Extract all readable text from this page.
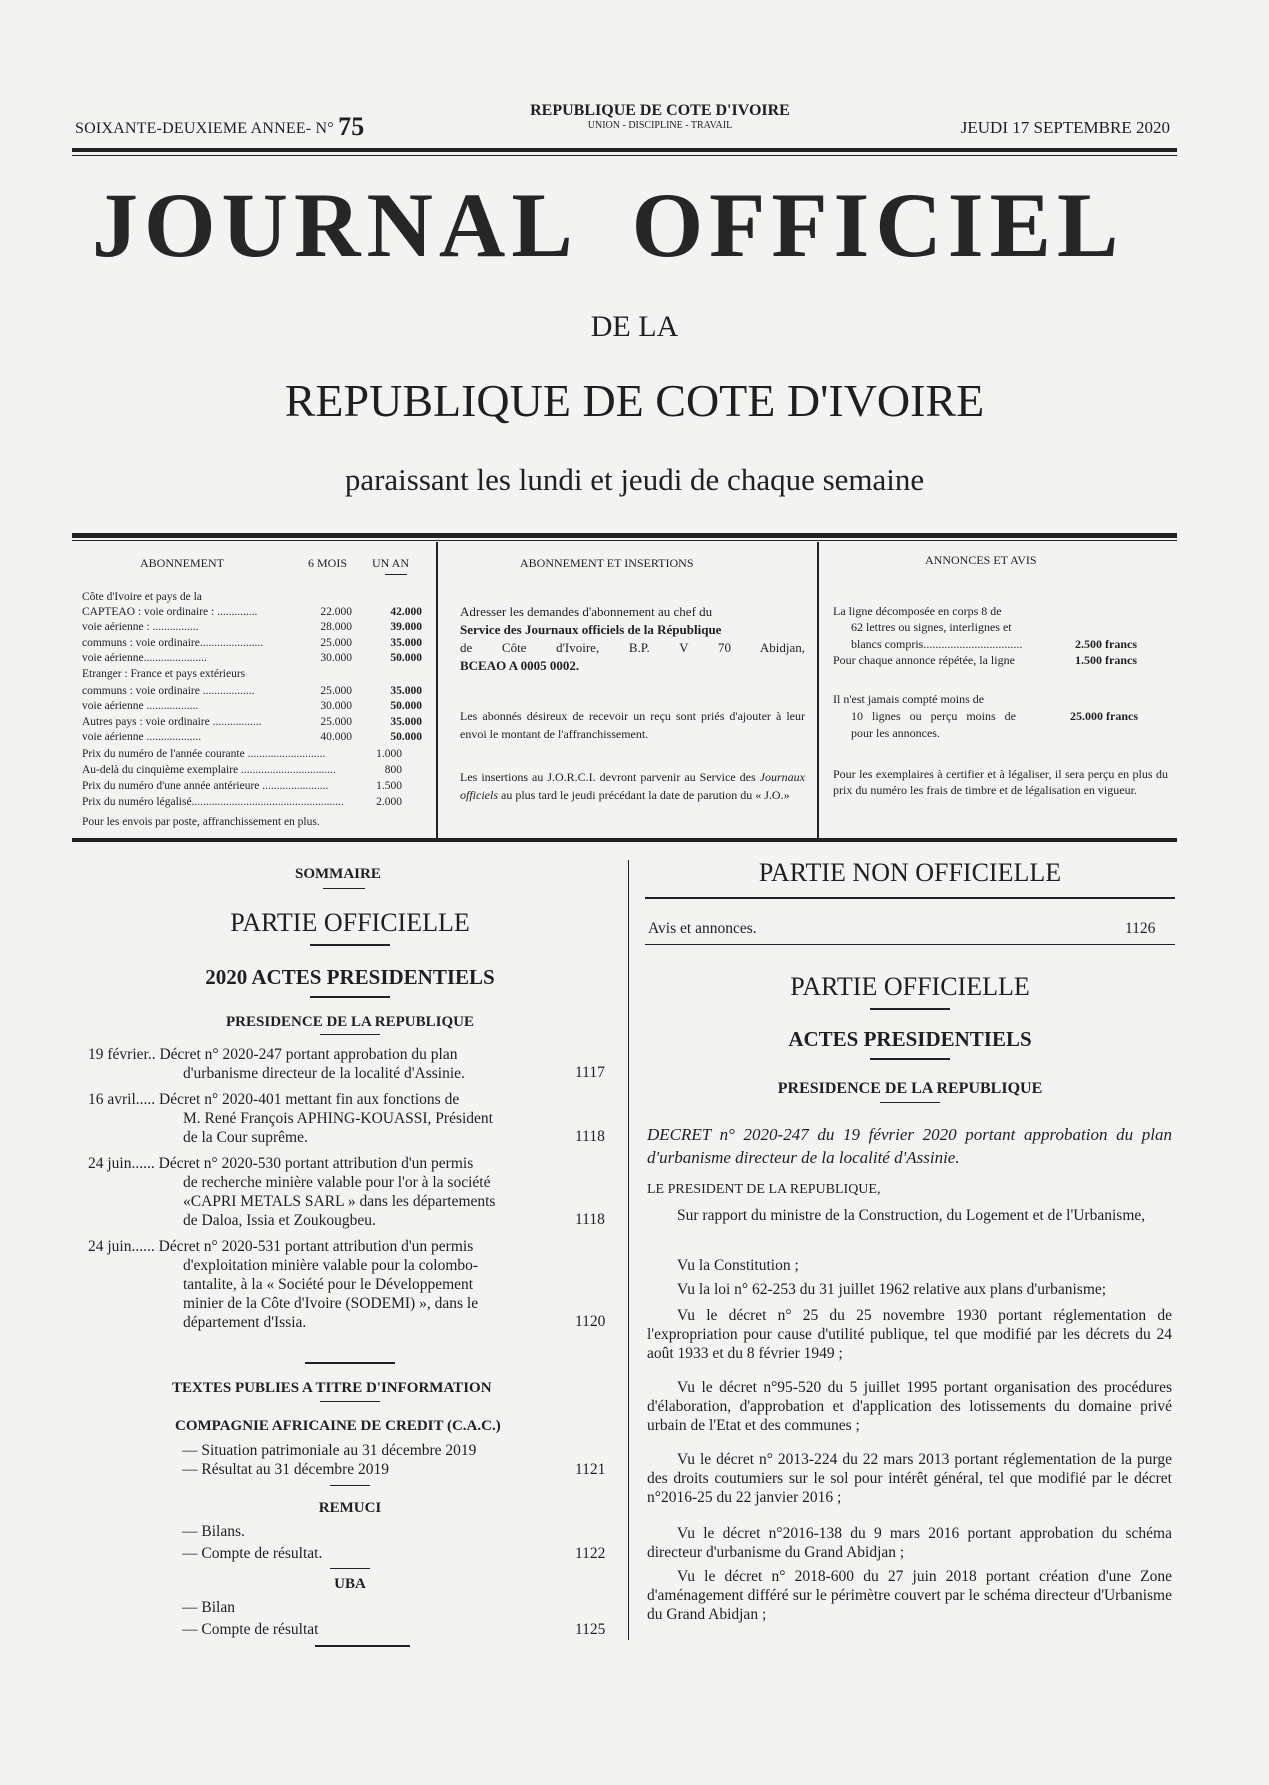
SOIXANTE-DEUXIEME ANNEE- N° 75
REPUBLIQUE DE COTE D'IVOIRE
UNION - DISCIPLINE - TRAVAIL	JEUDI 17 SEPTEMBRE 2020
JOURNAL  OFFICIEL
DE LA
REPUBLIQUE DE COTE D'IVOIRE
paraissant les lundi et jeudi de chaque semaine
ABONNEMENT	6 MOIS UN AN
Côte d'Ivoire et pays de la
CAPTEAO : voie ordinaire : ..............	22.000	42.000
voie aérienne : ................	28.000	39.000
communs : voie ordinaire......................	25.000	35.000
voie aérienne......................	30.000	50.000
Etranger : France et pays extérieurs
communs : voie ordinaire ..................	25.000	35.000
voie aérienne ..................	30.000	50.000
Autres pays : voie ordinaire .................	25.000	35.000
voie aérienne ...................	40.000	50.000
Prix du numéro de l'année courante ...........................	1.000
Au-delà du cinquième exemplaire .................................	800
Prix du numéro d'une année antérieure .......................	1.500
Prix du numéro légalisé.....................................................	2.000
Pour les envois par poste, affranchissement en plus.
ABONNEMENT ET INSERTIONS
Adresser les demandes d'abonnement au chef du
Service des Journaux officiels de la République
de Côte d'Ivoire, B.P. V 70 Abidjan,
BCEAO A 0005 0002.
Les abonnés désireux de recevoir un reçu sont priés d'ajouter à leur envoi le montant de l'affranchissement.
Les insertions au J.O.R.C.I. devront parvenir au Service des Journaux officiels au plus tard le jeudi précédant la date de parution du « J.O.»
ANNONCES ET AVIS
La ligne décomposée en corps 8 de
62 lettres ou signes, interlignes et
blancs compris.................................	2.500 francs
Pour chaque annonce répétée, la ligne	1.500 francs
Il n'est jamais compté moins de
10 lignes ou perçu moins de	25.000 francs
pour les annonces.
Pour les exemplaires à certifier et à légaliser, il sera perçu en plus du prix du numéro les frais de timbre et de légalisation en vigueur.
SOMMAIRE
PARTIE OFFICIELLE
2020 ACTES PRESIDENTIELS
PRESIDENCE DE LA REPUBLIQUE
19 février.. Décret n° 2020-247 portant approbation du plan
d'urbanisme directeur de la localité d'Assinie.	1117
16 avril..... Décret n° 2020-401 mettant fin aux fonctions de
M. René François APHING-KOUASSI, Président
de la Cour suprême.	1118
24 juin...... Décret n° 2020-530 portant attribution d'un permis
de recherche minière valable pour l'or à la société
«CAPRI METALS SARL » dans les départements
de Daloa, Issia et Zoukougbeu.	1118
24 juin...... Décret n° 2020-531 portant attribution d'un permis
d'exploitation minière valable pour la colombo-
tantalite, à la « Société pour le Développement
minier de la Côte d'Ivoire (SODEMI) », dans le
département d'Issia.	1120
TEXTES PUBLIES A TITRE D'INFORMATION
COMPAGNIE AFRICAINE DE CREDIT (C.A.C.)
— Situation patrimoniale au 31 décembre 2019
— Résultat au 31 décembre 2019	1121
REMUCI
— Bilans.
— Compte de résultat.	1122
UBA
— Bilan
— Compte de résultat	1125
PARTIE NON OFFICIELLE
Avis et annonces.	1126
PARTIE OFFICIELLE
ACTES PRESIDENTIELS
PRESIDENCE DE LA REPUBLIQUE
DECRET n° 2020-247 du 19 février 2020 portant approbation du plan d'urbanisme directeur de la localité d'Assinie.
LE PRESIDENT DE LA REPUBLIQUE,
Sur rapport du ministre de la Construction, du Logement et de l'Urbanisme,
Vu la Constitution ;
Vu la loi n° 62-253 du 31 juillet 1962 relative aux plans d'urbanisme;
Vu le décret n° 25 du 25 novembre 1930 portant réglementation de l'expropriation pour cause d'utilité publique, tel que modifié par les décrets du 24 août 1933 et du 8 février 1949 ;
Vu le décret n°95-520 du 5 juillet 1995 portant organisation des procédures d'élaboration, d'approbation et d'application des lotissements du domaine privé urbain de l'Etat et des communes ;
Vu le décret n° 2013-224 du 22 mars 2013 portant réglementation de la purge des droits coutumiers sur le sol pour intérêt général, tel que modifié par le décret n°2016-25 du 22 janvier 2016 ;
Vu le décret n°2016-138 du 9 mars 2016 portant approbation du schéma directeur d'urbanisme du Grand Abidjan ;
Vu le décret n° 2018-600 du 27 juin 2018 portant création d'une Zone d'aménagement différé sur le périmètre couvert par le schéma directeur d'Urbanisme du Grand Abidjan ;
